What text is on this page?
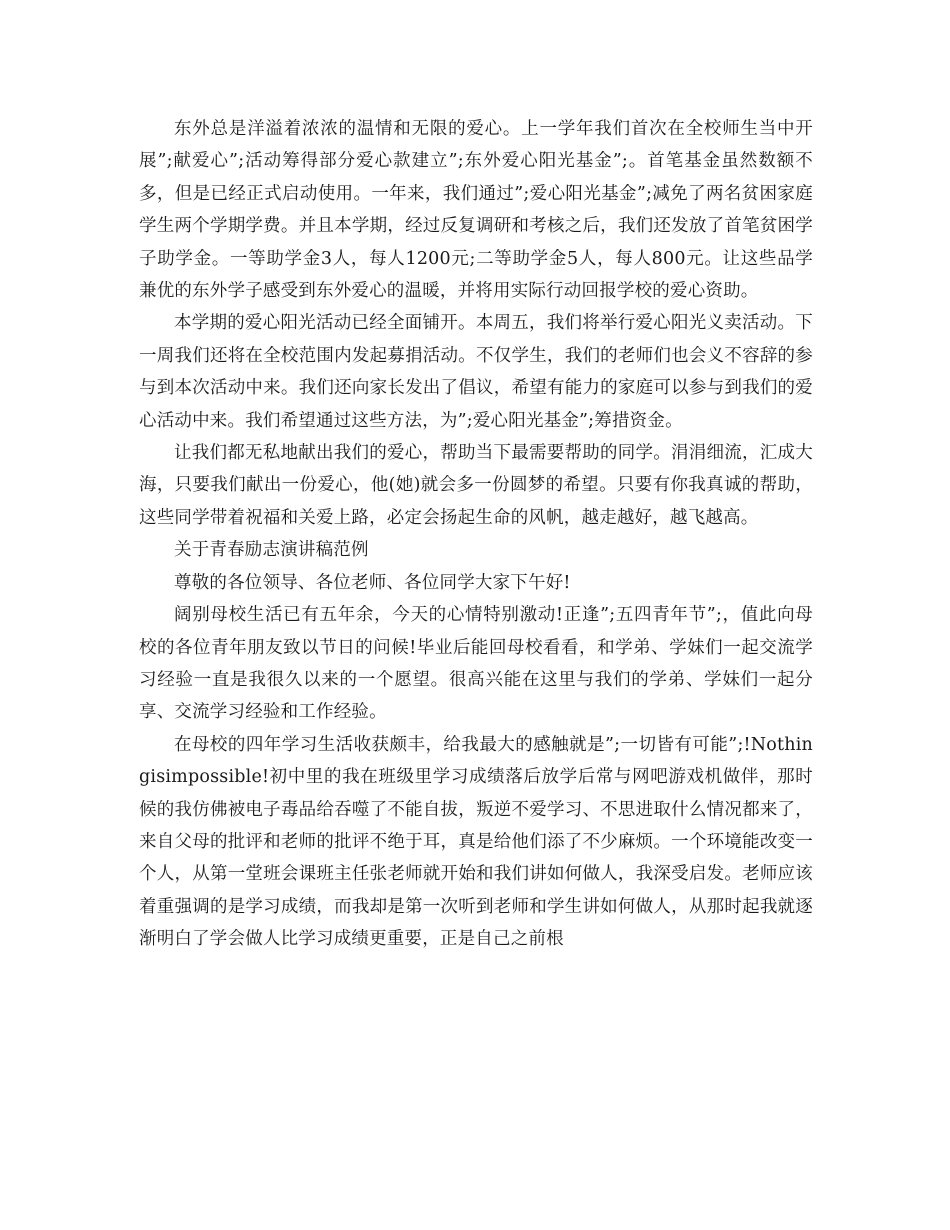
东外总是洋溢着浓浓的温情和无限的爱心。上一学年我们首次在全校师生当中开展”;献爱心”;活动筹得部分爱心款建立”;东外爱心阳光基金”;。首笔基金虽然数额不多，但是已经正式启动使用。一年来，我们通过”;爱心阳光基金”;减免了两名贫困家庭学生两个学期学费。并且本学期，经过反复调研和考核之后，我们还发放了首笔贫困学子助学金。一等助学金3人，每人1200元;二等助学金5人，每人800元。让这些品学兼优的东外学子感受到东外爱心的温暖，并将用实际行动回报学校的爱心资助。

本学期的爱心阳光活动已经全面铺开。本周五，我们将举行爱心阳光义卖活动。下一周我们还将在全校范围内发起募捐活动。不仅学生，我们的老师们也会义不容辞的参与到本次活动中来。我们还向家长发出了倡议，希望有能力的家庭可以参与到我们的爱心活动中来。我们希望通过这些方法，为”;爱心阳光基金”;筹措资金。

让我们都无私地献出我们的爱心，帮助当下最需要帮助的同学。涓涓细流，汇成大海，只要我们献出一份爱心，他(她)就会多一份圆梦的希望。只要有你我真诚的帮助，这些同学带着祝福和关爱上路，必定会扬起生命的风帆，越走越好，越飞越高。

关于青春励志演讲稿范例

尊敬的各位领导、各位老师、各位同学大家下午好!

阔别母校生活已有五年余，今天的心情特别激动!正逢”;五四青年节”;，值此向母校的各位青年朋友致以节日的问候!毕业后能回母校看看，和学弟、学妹们一起交流学习经验一直是我很久以来的一个愿望。很高兴能在这里与我们的学弟、学妹们一起分享、交流学习经验和工作经验。

在母校的四年学习生活收获颇丰，给我最大的感触就是”;一切皆有可能”;!Nothingisimpossible!初中里的我在班级里学习成绩落后放学后常与网吧游戏机做伴，那时候的我仿佛被电子毒品给吞噬了不能自拔，叛逆不爱学习、不思进取什么情况都来了，来自父母的批评和老师的批评不绝于耳，真是给他们添了不少麻烦。一个环境能改变一个人，从第一堂班会课班主任张老师就开始和我们讲如何做人，我深受启发。老师应该着重强调的是学习成绩，而我却是第一次听到老师和学生讲如何做人，从那时起我就逐渐明白了学会做人比学习成绩更重要，正是自己之前根
